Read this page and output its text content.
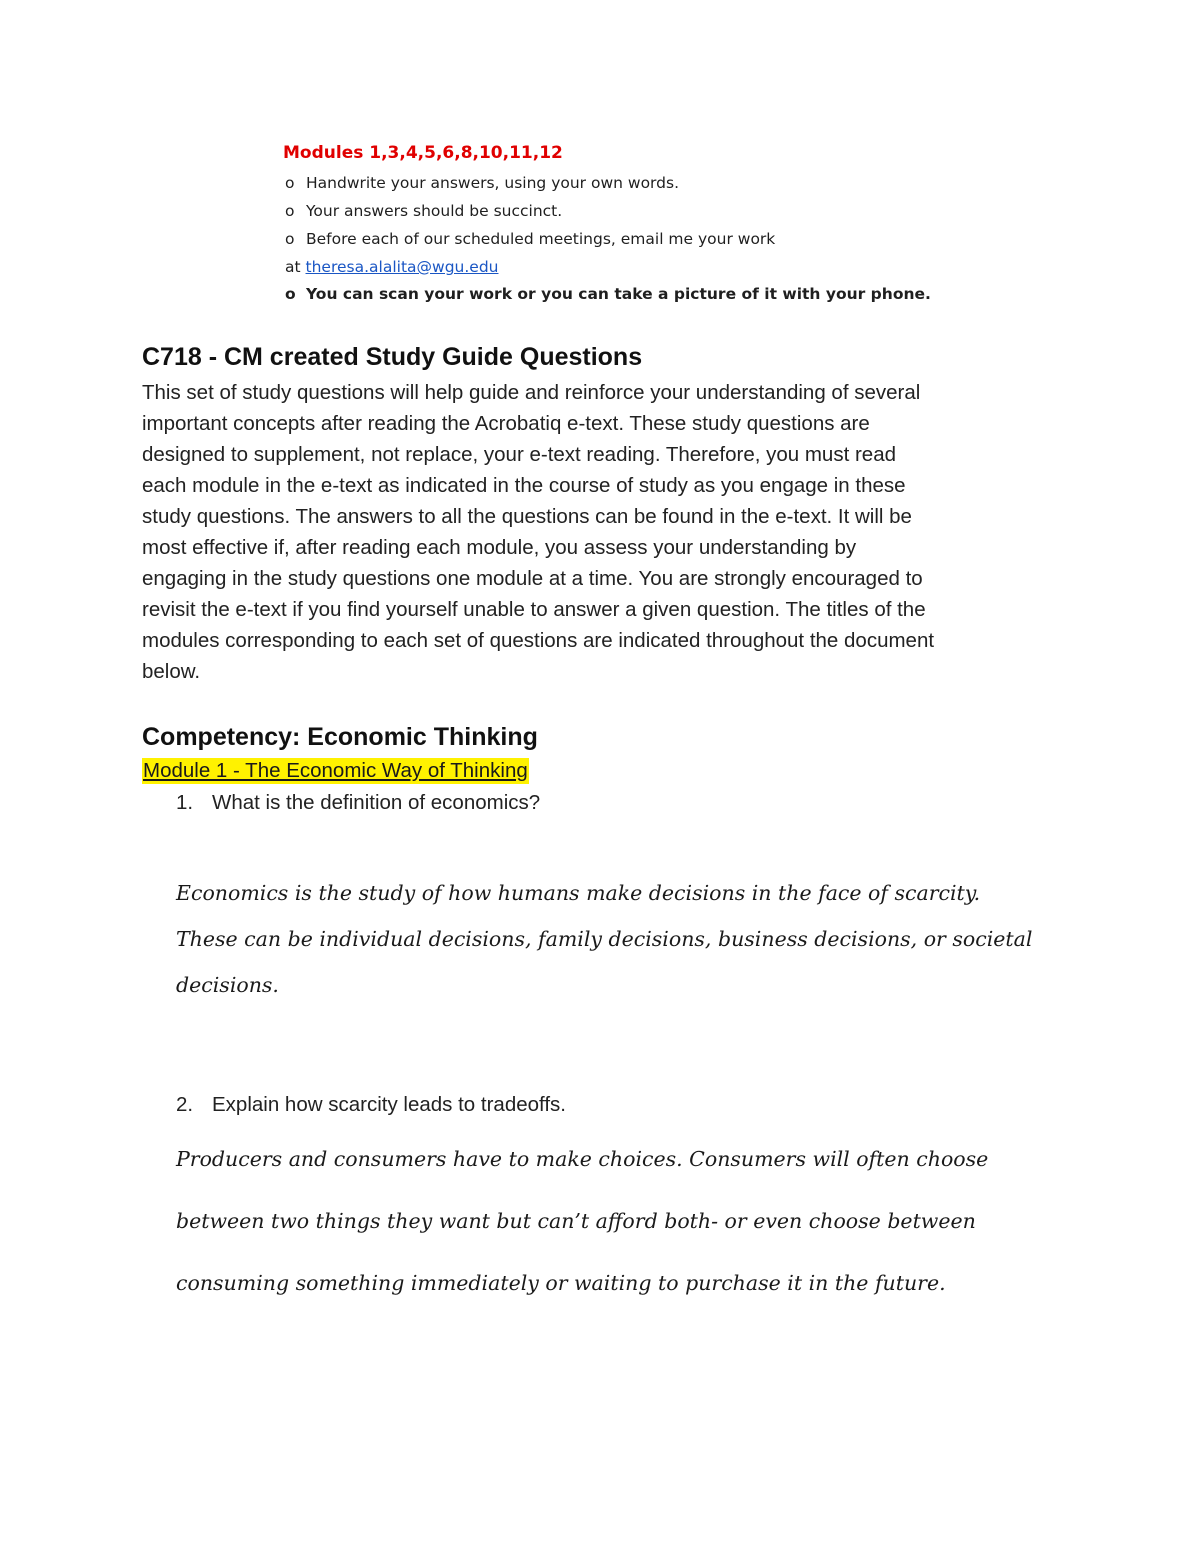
Modules 1,3,4,5,6,8,10,11,12
o Handwrite your answers, using your own words.
o Your answers should be succinct.
o Before each of our scheduled meetings, email me your work
at theresa.alalita@wgu.edu
o You can scan your work or you can take a picture of it with your phone.
C718 - CM created Study Guide Questions
This set of study questions will help guide and reinforce your understanding of several
important concepts after reading the Acrobatiq e-text. These study questions are
designed to supplement, not replace, your e-text reading. Therefore, you must read
each module in the e-text as indicated in the course of study as you engage in these
study questions. The answers to all the questions can be found in the e-text. It will be
most effective if, after reading each module, you assess your understanding by
engaging in the study questions one module at a time. You are strongly encouraged to
revisit the e-text if you find yourself unable to answer a given question. The titles of the
modules corresponding to each set of questions are indicated throughout the document
below.
Competency: Economic Thinking
Module 1 - The Economic Way of Thinking
1. What is the definition of economics?
Economics is the study of how humans make decisions in the face of scarcity.
These can be individual decisions, family decisions, business decisions, or societal
decisions.
2. Explain how scarcity leads to tradeoffs.
Producers and consumers have to make choices. Consumers will often choose
between two things they want but can’t afford both- or even choose between
consuming something immediately or waiting to purchase it in the future.
